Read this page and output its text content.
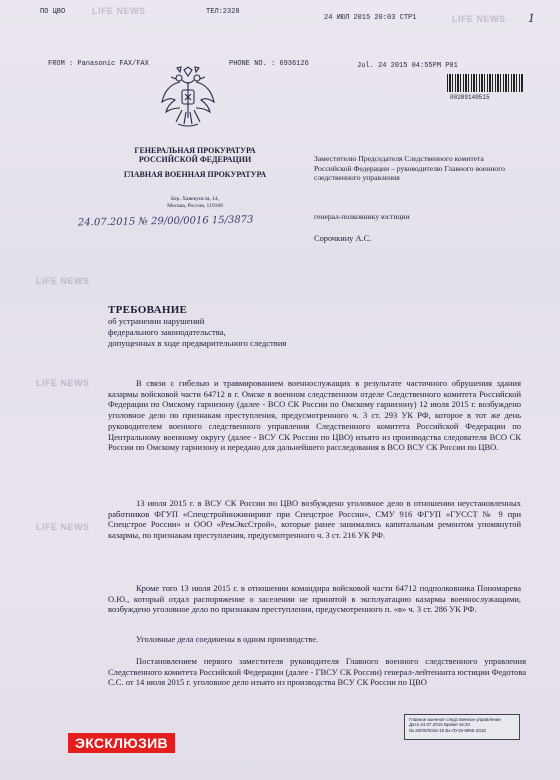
ПО ЦВО	ТЕЛ:2328
24 ИЮЛ 2015 20:03 СТР1	1
FROM : Panasonic FAX/FAX	PHONE NO. : 6936126	Jul. 24 2015 04:55PM P01
LIFE NEWS
LIFE NEWS
LIFE NEWS
LIFE NEWS
LIFE NEWS
ГЕНЕРАЛЬНАЯ ПРОКУРАТУРА
РОССИЙСКОЙ ФЕДЕРАЦИИ
ГЛАВНАЯ ВОЕННАЯ ПРОКУРАТУРА
Бер. Хавекунсла, 14,
Москва, Россия, 119160
24.07.2015 № 29/00/0016 15/3873
00289149515
Заместителю Председателя Следственного комитета Российской Федерации – руководителю Главного военного следственного управления
генерал-полковнику юстиции
Сорочкину А.С.
ТРЕБОВАНИЕ
об устранении нарушений
федерального законодательства,
допущенных в ходе предварительного следствия
В связи с гибелью и травмированием военнослужащих в результате частичного обрушения здания казармы войсковой части 64712 в г. Омске в военном следственном отделе Следственного комитета Российской Федерации по Омскому гарнизону (далее - ВСО СК России по Омскому гарнизону) 12 июля 2015 г. возбуждено уголовное дело по признакам преступления, предусмотренного ч. 3 ст. 293 УК РФ, которое в тот же день руководителем военного следственного управления Следственного комитета Российской Федерации по Центральному военному округу (далее - ВСУ СК России по ЦВО) изъято из производства следователя ВСО СК России по Омскому гарнизону и передано для дальнейшего расследования в ВСО ВСУ СК России по ЦВО.
13 июля 2015 г. в ВСУ СК России по ЦВО возбуждено уголовное дело в отношении неустановленных работников ФГУП «Спецстройинжиниринг при Спецстрое России», СМУ 916 ФГУП «ГУССТ № 9 при Спецстрое России» и ООО «РемЭксСтрой», которые ранее занимались капитальным ремонтом упомянутой казармы, по признакам преступления, предусмотренного ч. 3 ст. 216 УК РФ.
Кроме того 13 июля 2015 г. в отношении командира войсковой части 64712 подполковника Пономарева О.Ю., который отдал распоряжение о заселении не принятой в эксплуатацию казармы военнослужащими, возбуждено уголовное дело по признакам преступления, предусмотренного п. «в» ч. 3 ст. 286 УК РФ.
Уголовные дела соединены в одном производстве.
Постановлением первого заместителя руководителя Главного военного следственного управления Следственного комитета Российской Федерации (далее - ГВСУ СК России) генерал-лейтенанта юстиции Федотова С.С. от 14 июля 2015 г. уголовное дело изъято из производства ВСУ СК России по ЦВО
Главное военное следственное управление
Дата 24.07.2015 Время 16:20
№ 29/00/0016-15 Вх-ЛУ15-9855-2015
ЭКСКЛЮЗИВ
